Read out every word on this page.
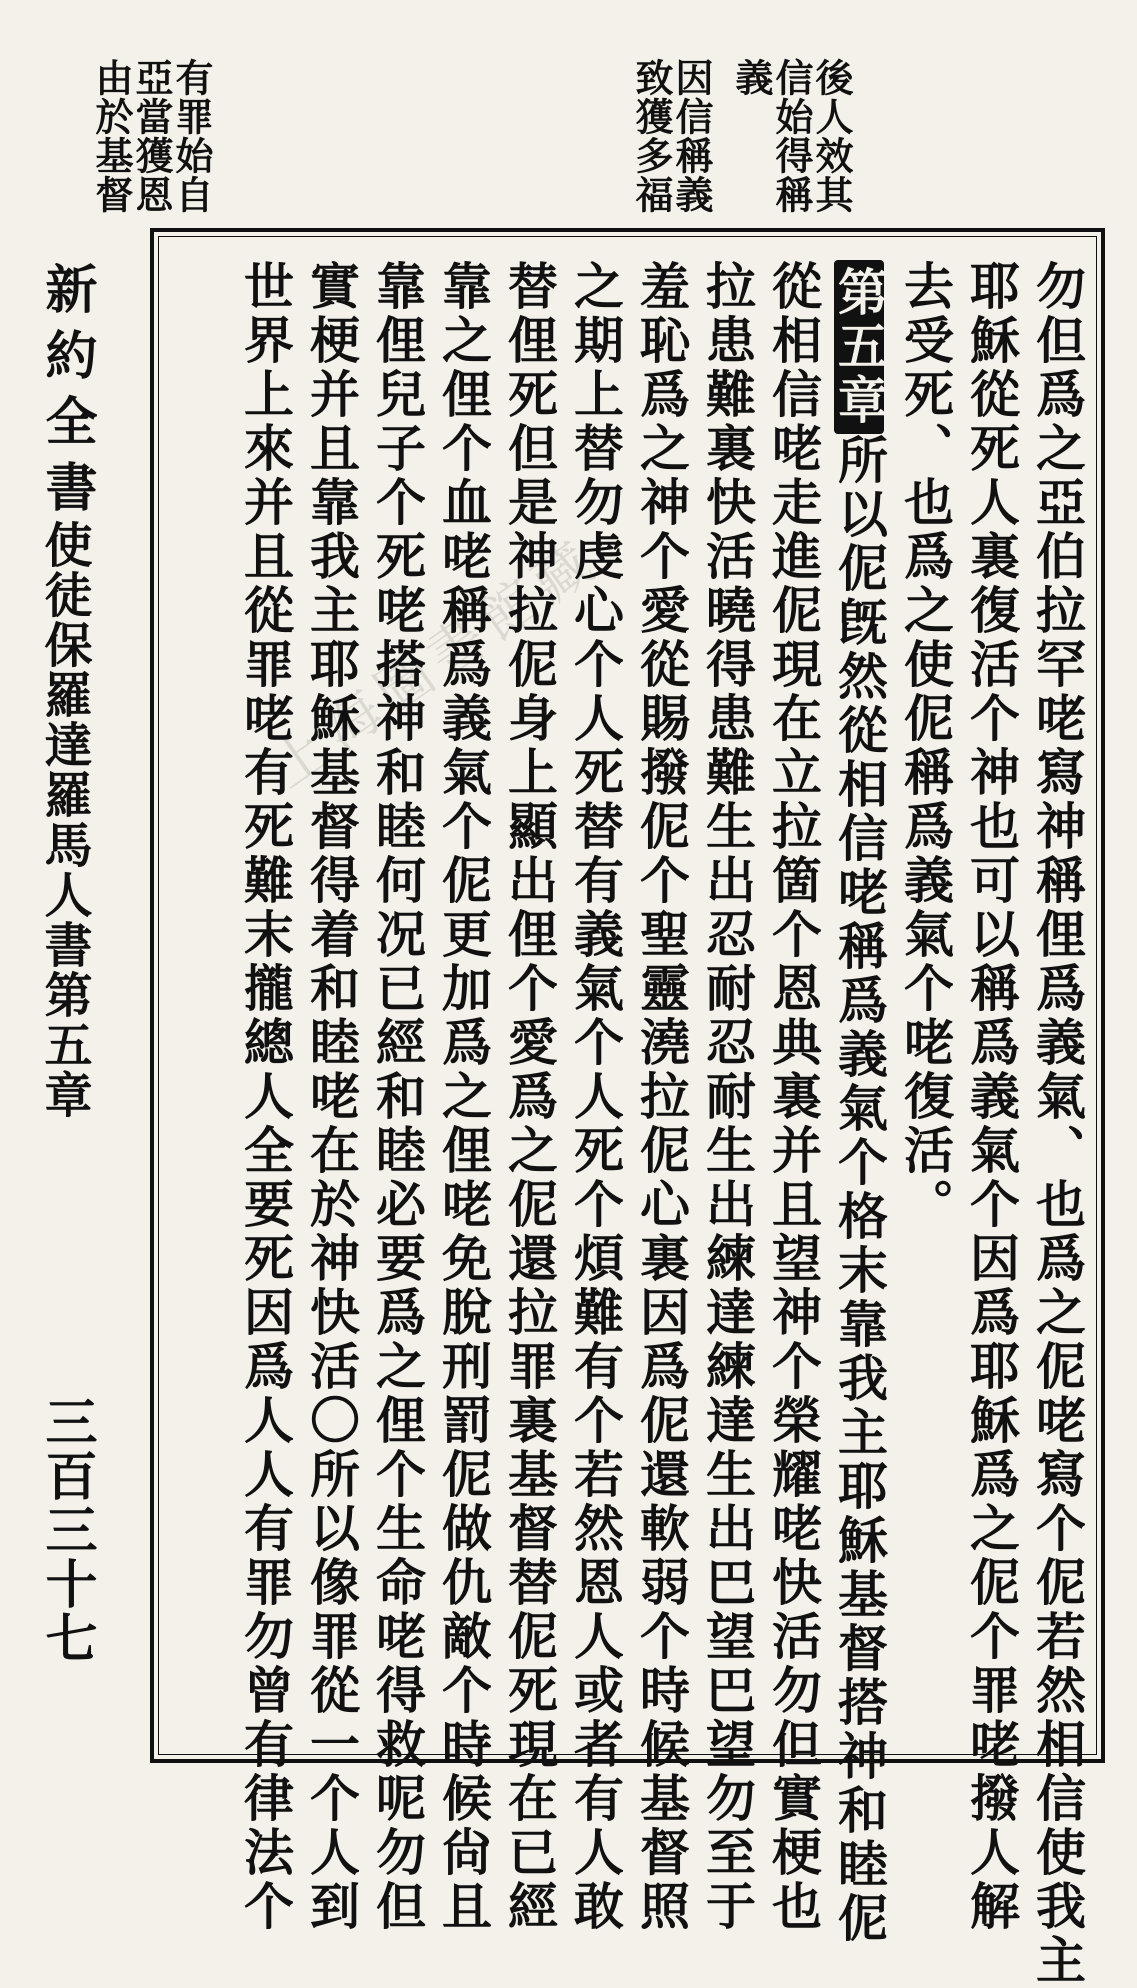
後人效其
信始得稱
義
因信稱義
致獲多福
有罪始自
亞當獲恩
由於基督
勿但爲之亞伯拉罕咾寫神稱俚爲義氣、也爲之伲咾寫个伲若然相信使我主
耶穌從死人裏復活个神也可以稱爲義氣个因爲耶穌爲之伲个罪咾撥人解
去受死、也爲之使伲稱爲義氣个咾復活。
第五章所以伲旣然從相信咾稱爲義氣个格末靠我主耶穌基督搭神和睦伲
從相信咾走進伲現在立拉箇个恩典裏并且望神个榮耀咾快活勿但實梗也
拉患難裏快活曉得患難生出忍耐忍耐生出練達練達生出巴望巴望勿至于
羞恥爲之神个愛從賜撥伲个聖靈澆拉伲心裏因爲伲還軟弱个時候基督照
之期上替勿虔心个人死替有義氣个人死个煩難有个若然恩人或者有人敢
替俚死但是神拉伲身上顯出俚个愛爲之伲還拉罪裏基督替伲死現在已經
靠之俚个血咾稱爲義氣个伲更加爲之俚咾免脫刑罰伲做仇敵个時候尙且
靠俚兒子个死咾搭神和睦何况已經和睦必要爲之俚个生命咾得救呢勿但
實梗并且靠我主耶穌基督得着和睦咾在於神快活〇所以像罪從一个人到
世界上來并且從罪咾有死難末攏總人全要死因爲人人有罪勿曾有律法个
新約全書
使徒保羅達羅馬人書第五章
三百三十七
上海圖書館藏
